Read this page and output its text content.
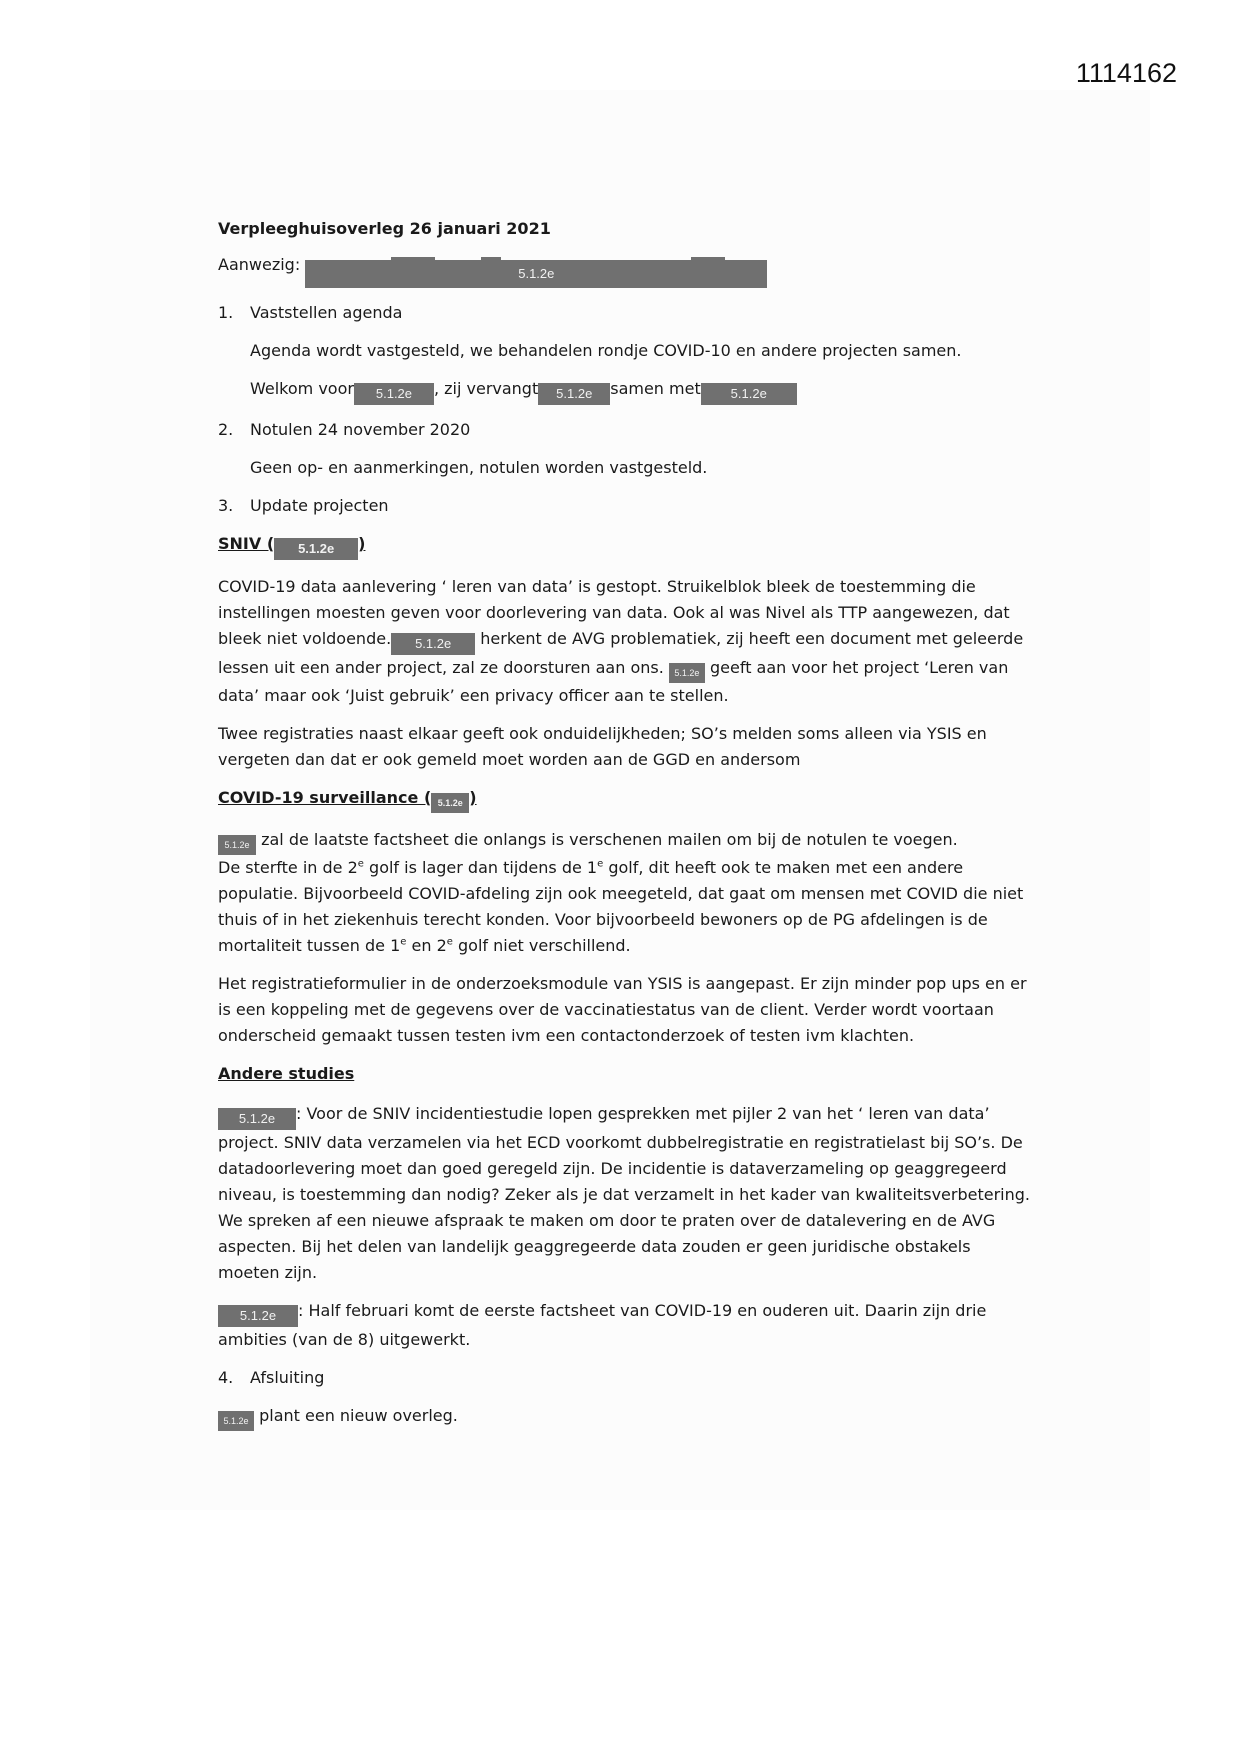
1114162
Verpleeghuisoverleg 26 januari 2021
Aanwezig:	5.1.2e
1. Vaststellen agenda
Agenda wordt vastgesteld, we behandelen rondje COVID-10 en andere projecten samen.
Welkom voor 5.1.2e , zij vervangt 5.1.2e samen met 5.1.2e
2. Notulen 24 november 2020
Geen op- en aanmerkingen, notulen worden vastgesteld.
3. Update projecten
SNIV ( 5.1.2e )
COVID-19 data aanlevering ‘ leren van data’ is gestopt. Struikelblok bleek de toestemming die
instellingen moesten geven voor doorlevering van data. Ook al was Nivel als TTP aangewezen, dat
bleek niet voldoende. 5.1.2e herkent de AVG problematiek, zij heeft een document met geleerde
lessen uit een ander project, zal ze doorsturen aan ons. 5.1.2e geeft aan voor het project ‘Leren van
data’ maar ook ‘Juist gebruik’ een privacy officer aan te stellen.
Twee registraties naast elkaar geeft ook onduidelijkheden; SO’s melden soms alleen via YSIS en
vergeten dan dat er ook gemeld moet worden aan de GGD en andersom
COVID-19 surveillance ( 5.1.2e )
5.1.2e zal de laatste factsheet die onlangs is verschenen mailen om bij de notulen te voegen.
De sterfte in de 2e golf is lager dan tijdens de 1e golf, dit heeft ook te maken met een andere
populatie. Bijvoorbeeld COVID-afdeling zijn ook meegeteld, dat gaat om mensen met COVID die niet
thuis of in het ziekenhuis terecht konden. Voor bijvoorbeeld bewoners op de PG afdelingen is de
mortaliteit tussen de 1e en 2e golf niet verschillend.
Het registratieformulier in de onderzoeksmodule van YSIS is aangepast. Er zijn minder pop ups en er
is een koppeling met de gegevens over de vaccinatiestatus van de client. Verder wordt voortaan
onderscheid gemaakt tussen testen ivm een contactonderzoek of testen ivm klachten.
Andere studies
5.1.2e : Voor de SNIV incidentiestudie lopen gesprekken met pijler 2 van het ‘ leren van data’
project. SNIV data verzamelen via het ECD voorkomt dubbelregistratie en registratielast bij SO’s. De
datadoorlevering moet dan goed geregeld zijn. De incidentie is dataverzameling op geaggregeerd
niveau, is toestemming dan nodig? Zeker als je dat verzamelt in het kader van kwaliteitsverbetering.
We spreken af een nieuwe afspraak te maken om door te praten over de datalevering en de AVG
aspecten. Bij het delen van landelijk geaggregeerde data zouden er geen juridische obstakels
moeten zijn.
5.1.2e : Half februari komt de eerste factsheet van COVID-19 en ouderen uit. Daarin zijn drie
ambities (van de 8) uitgewerkt.
4. Afsluiting
5.1.2e plant een nieuw overleg.
